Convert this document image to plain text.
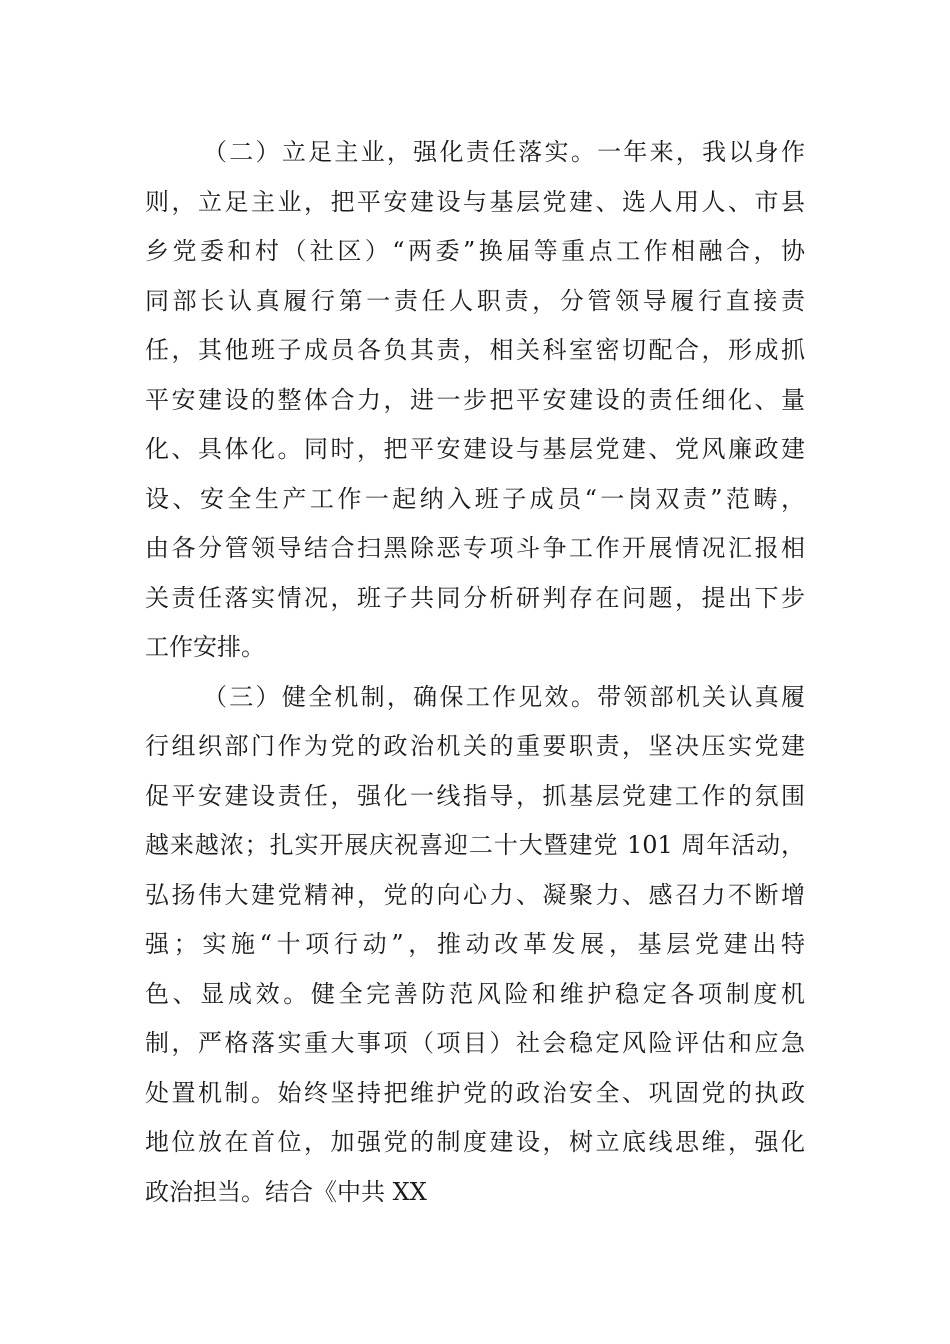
（二）立足主业，强化责任落实。一年来，我以身作
则，立足主业，把平安建设与基层党建、选人用人、市县
乡党委和村（社区）“两委”换届等重点工作相融合，协
同部长认真履行第一责任人职责，分管领导履行直接责
任，其他班子成员各负其责，相关科室密切配合，形成抓
平安建设的整体合力，进一步把平安建设的责任细化、量
化、具体化。同时，把平安建设与基层党建、党风廉政建
设、安全生产工作一起纳入班子成员“一岗双责”范畴，
由各分管领导结合扫黑除恶专项斗争工作开展情况汇报相
关责任落实情况，班子共同分析研判存在问题，提出下步
工作安排。
（三）健全机制，确保工作见效。带领部机关认真履
行组织部门作为党的政治机关的重要职责，坚决压实党建
促平安建设责任，强化一线指导，抓基层党建工作的氛围
越来越浓；扎实开展庆祝喜迎二十大暨建党 101 周年活动，
弘扬伟大建党精神，党的向心力、凝聚力、感召力不断增
强；实施“十项行动”，推动改革发展，基层党建出特
色、显成效。健全完善防范风险和维护稳定各项制度机
制，严格落实重大事项（项目）社会稳定风险评估和应急
处置机制。始终坚持把维护党的政治安全、巩固党的执政
地位放在首位，加强党的制度建设，树立底线思维，强化
政治担当。结合《中共 XX
